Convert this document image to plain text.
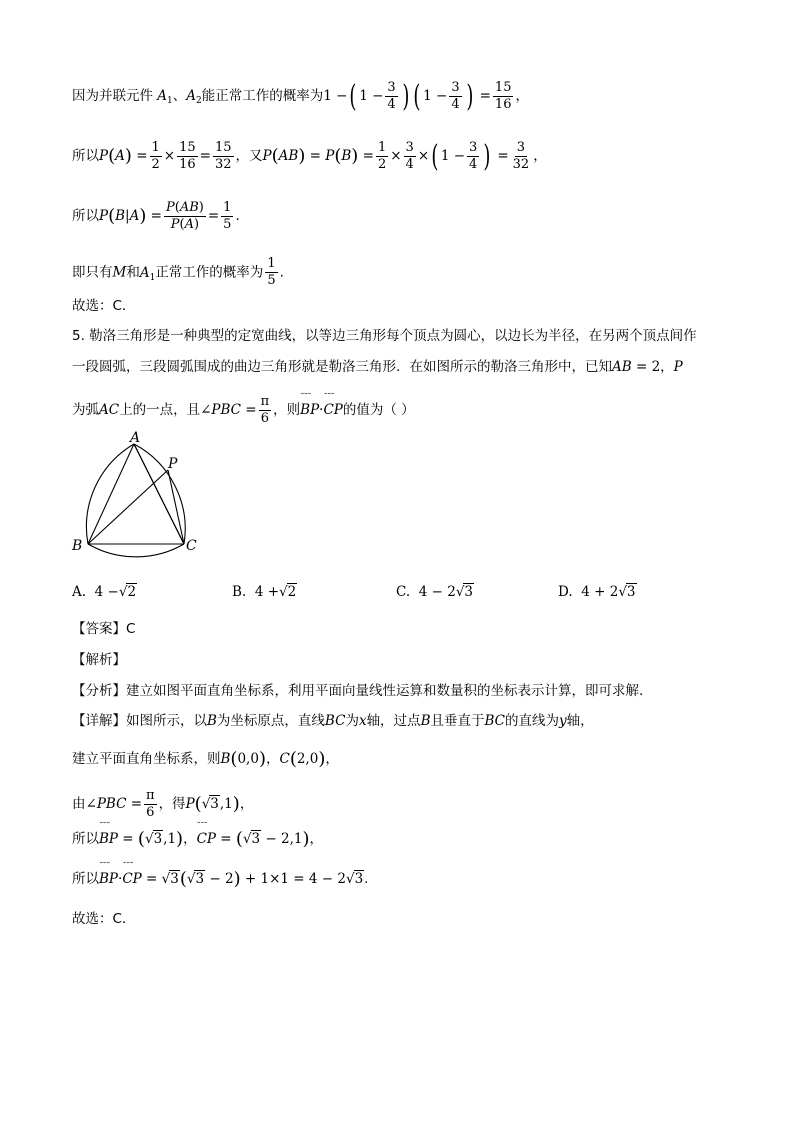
因为并联元件 $A_1$、$A_2$能正常工作的概率为1 −( $1 - \frac{3}{4}$ ) ( $1 - \frac{3}{4}$ ) = $\frac{15}{16}$ ，
所以$P(A) = \frac{1}{2} \times \frac{15}{16} = \frac{15}{32}$ ，又$P(AB) = P(B) = \frac{1}{2} \times \frac{3}{4}$ ×( $1 - \frac{3}{4}$ ) = $\frac{3}{32}$ ，
所以$P(B|A) = \frac{P(AB)}{P(A)} = \frac{1}{5}$ .
即只有M和$A_1$正常工作的概率为 $\frac{1}{5}$ .
故选：C．
5. 勒洛三角形是一种典型的定宽曲线，以等边三角形每个顶点为圆心，以边长为半径，在另两个顶点间作
一段圆弧，三段圆弧围成的曲边三角形就是勒洛三角形．在如图所示的勒洛三角形中，已知AB = 2，P
为弧AC上的一点，且∠PBC = $\frac{\pi}{6}$ ，则˘˘˘ BP·˘˘˘ CP的值为（ ）
A
P
B	C
A. 4 −√2	B. 4 +√2	C. 4 − 2√3	D. 4 + 2√3
【答案】C
【解析】
【分析】建立如图平面直角坐标系，利用平面向量线性运算和数量积的坐标表示计算，即可求解.
【详解】如图所示，以B为坐标原点，直线BC为x轴，过点B且垂直于BC的直线为y轴，
建立平面直角坐标系，则B(0,0)，C(2,0)，
由∠PBC = $\frac{\pi}{6}$ ，得P(√3,1)，
所以˘˘˘ BP = (√3,1)，˘˘˘ CP = (√3 − 2,1)，
所以˘˘˘ BP·˘˘˘ CP = √3(√3 − 2) + 1×1 = 4 − 2√3.
故选：C．
